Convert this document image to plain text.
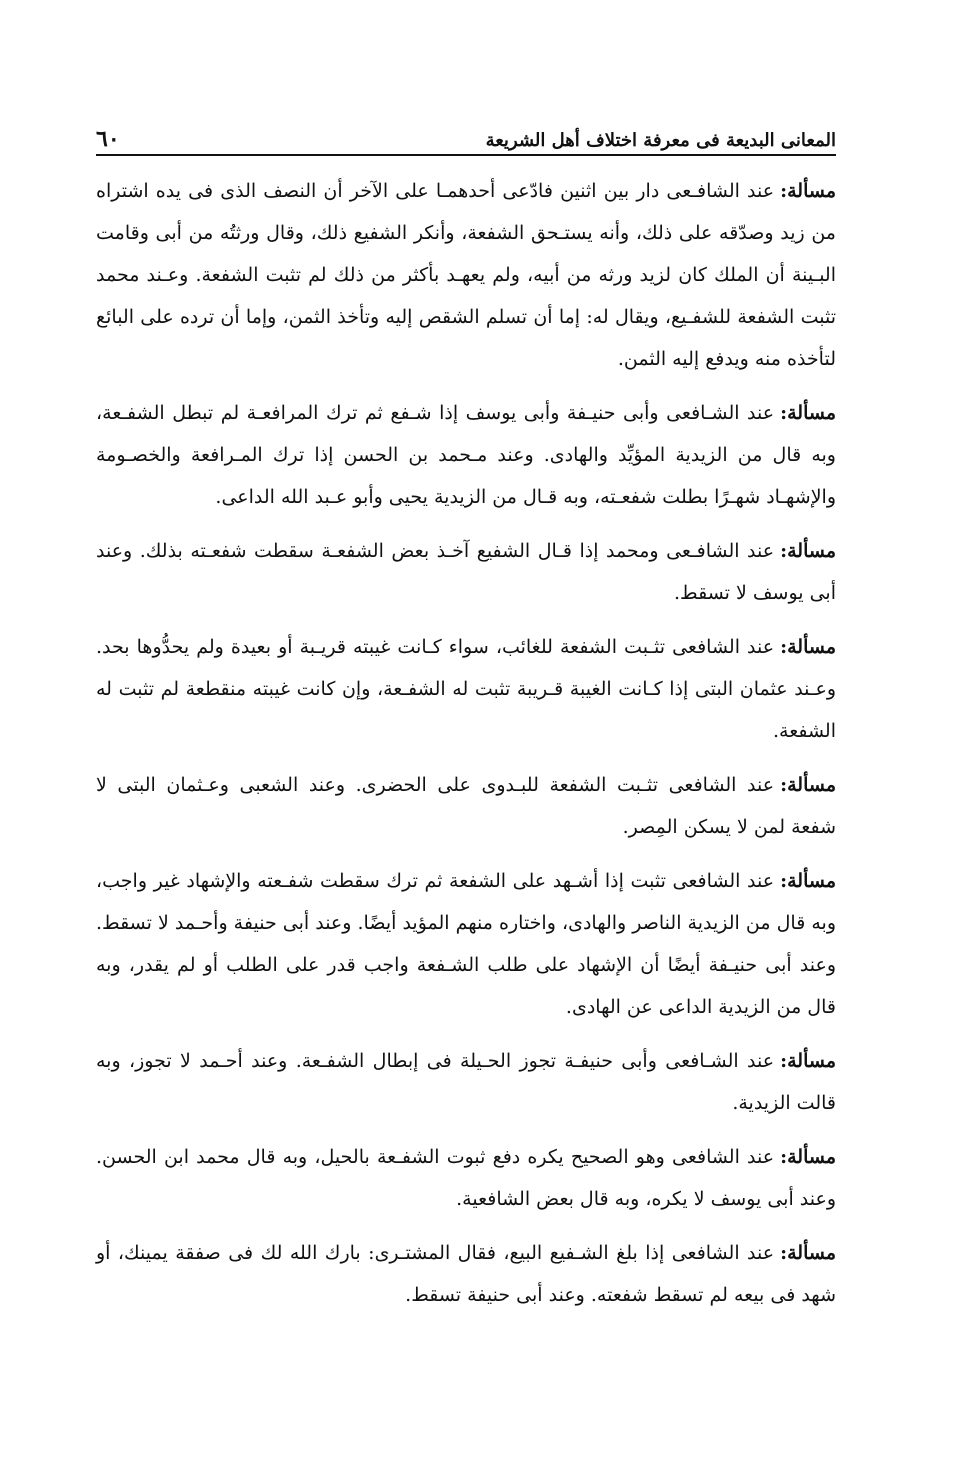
المعانى البديعة فى معرفة اختلاف أهل الشريعة
٦٠

مسألة:عند الشافـعى دار بين اثنين فادّعى أحدهمـا على الآخر أن النصف الذى فى يده اشتراه من زيد وصدّقه على ذلك، وأنه يستـحق الشفعة، وأنكر الشفيع ذلك، وقال ورثتُه من أبى وقامت البـينة أن الملك كان لزيد ورثه من أبيه، ولم يعهـد بأكثر من ذلك لم تثبت الشفعة. وعـند محمد تثبت الشفعة للشفـيع، ويقال له: إما أن تسلم الشقص إليه وتأخذ الثمن، وإما أن ترده على البائع لتأخذه منه ويدفع إليه الثمن.

مسألة:عند الشـافعى وأبى حنيـفة وأبى يوسف إذا شـفع ثم ترك المرافعـة لم تبطل الشفـعة، وبه قال من الزيدية المؤيِّد والهادى. وعند مـحمد بن الحسن إذا ترك المـرافعة والخصـومة والإشهـاد شهـرًا بطلت شفعـته، وبه قـال من الزيدية يحيى وأبو عـبد الله الداعى.

مسألة:عند الشافـعى ومحمد إذا قـال الشفيع آخـذ بعض الشفعـة سقطت شفعـته بذلك. وعند أبى يوسف لا تسقط.

مسألة:عند الشافعى تثـبت الشفعة للغائب، سواء كـانت غيبته قريـبة أو بعيدة ولم يحدُّوها بحد. وعـند عثمان البتى إذا كـانت الغيبة قـريبة تثبت له الشفـعة، وإن كانت غيبته منقطعة لم تثبت له الشفعة.

مسألة:عند الشافعى تثـبت الشفعة للبـدوى على الحضرى. وعند الشعبى وعـثمان البتى لا شفعة لمن لا يسكن المِصر.

مسألة:عند الشافعى تثبت إذا أشـهد على الشفعة ثم ترك سقطت شفـعته والإشهاد غير واجب، وبه قال من الزيدية الناصر والهادى، واختاره منهم المؤيد أيضًا. وعند أبى حنيفة وأحـمد لا تسقط. وعند أبى حنيـفة أيضًا أن الإشهاد على طلب الشـفعة واجب قدر على الطلب أو لم يقدر، وبه قال من الزيدية الداعى عن الهادى.

مسألة:عند الشـافعى وأبى حنيفـة تجوز الحـيلة فى إبطال الشفـعة. وعند أحـمد لا تجوز، وبه قالت الزيدية.

مسألة:عند الشافعى وهو الصحيح يكره دفع ثبوت الشفـعة بالحيل، وبه قال محمد ابن الحسن. وعند أبى يوسف لا يكره، وبه قال بعض الشافعية.

مسألة:عند الشافعى إذا بلغ الشـفيع البيع، فقال المشتـرى: بارك الله لك فى صفقة يمينك، أو شهد فى بيعه لم تسقط شفعته. وعند أبى حنيفة تسقط.
